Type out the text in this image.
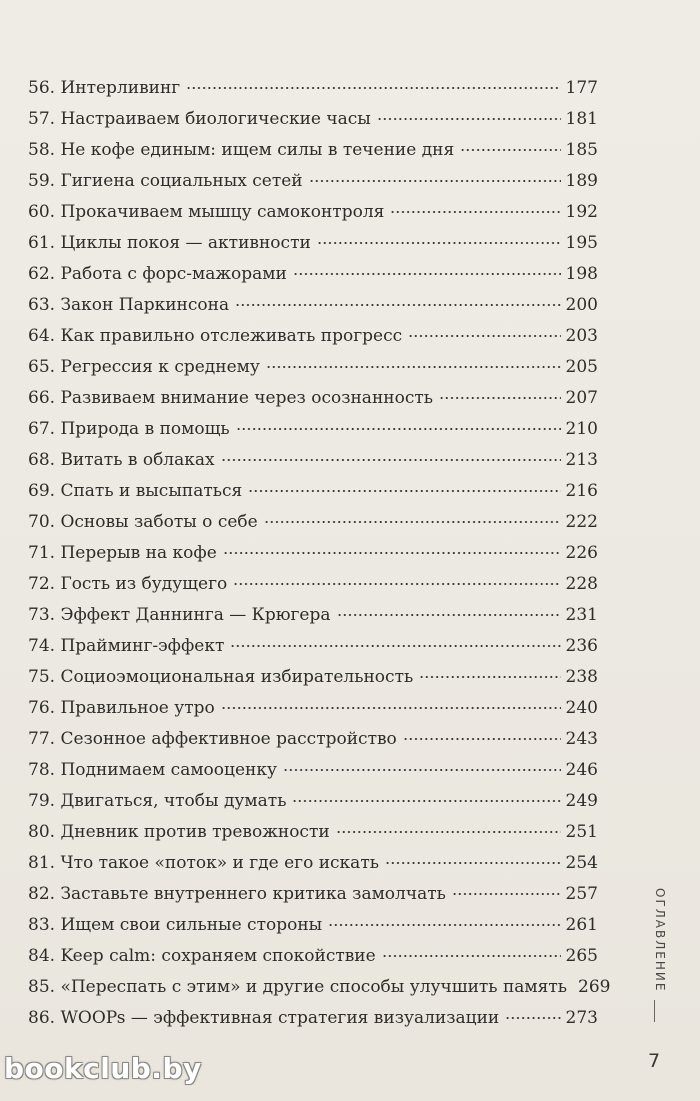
56. Интерливинг	177
57. Настраиваем биологические часы	181
58. Не кофе единым: ищем силы в течение дня	185
59. Гигиена социальных сетей	189
60. Прокачиваем мышцу самоконтроля	192
61. Циклы покоя — активности	195
62. Работа с форс-мажорами	198
63. Закон Паркинсона	200
64. Как правильно отслеживать прогресс	203
65. Регрессия к среднему	205
66. Развиваем внимание через осознанность	207
67. Природа в помощь	210
68. Витать в облаках	213
69. Спать и высыпаться	216
70. Основы заботы о себе	222
71. Перерыв на кофе	226
72. Гость из будущего	228
73. Эффект Даннинга — Крюгера	231
74. Прайминг-эффект	236
75. Социоэмоциональная избирательность	238
76. Правильное утро	240
77. Сезонное аффективное расстройство	243
78. Поднимаем самооценку	246
79. Двигаться, чтобы думать	249
80. Дневник против тревожности	251
81. Что такое «поток» и где его искать	254
82. Заставьте внутреннего критика замолчать	257
83. Ищем свои сильные стороны	261
84. Keep calm: сохраняем спокойствие	265
85. «Переспать с этим» и другие способы улучшить память 269
86. WOOPs — эффективная стратегия визуализации	273
ОГЛАВЛЕНИЕ
7
bookclub.by
